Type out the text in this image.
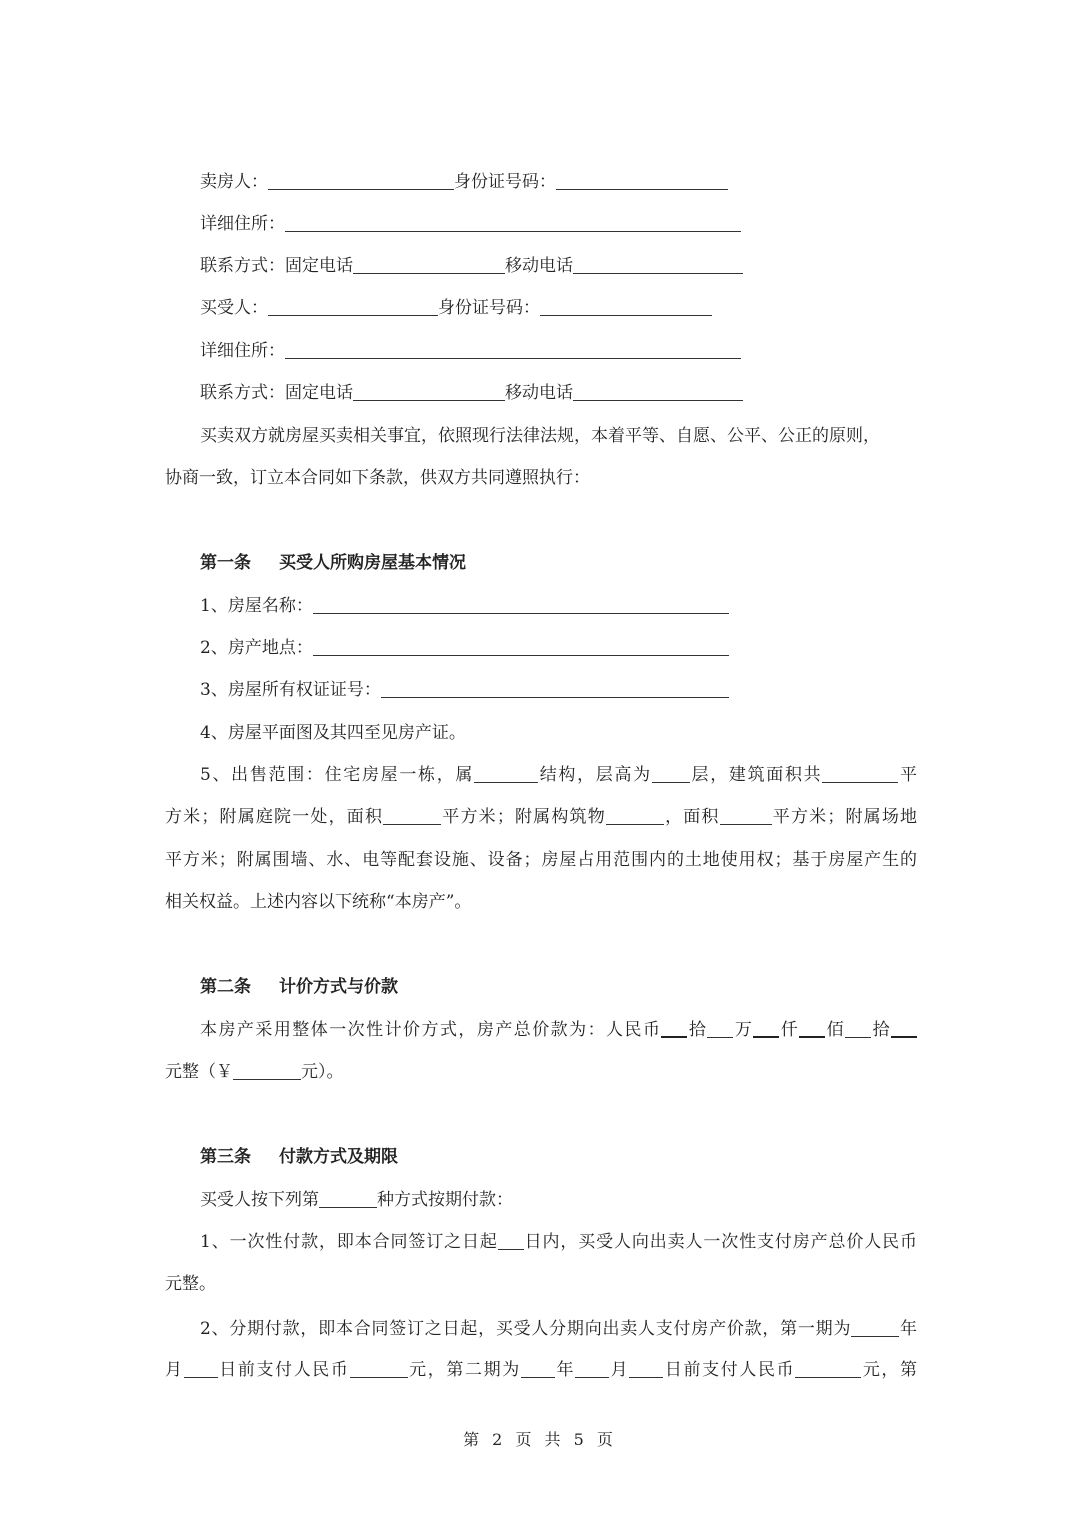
卖房人：	身份证号码：
详细住所：
联系方式：固定电话	移动电话
买受人：	身份证号码：
详细住所：
联系方式：固定电话	移动电话
买卖双方就房屋买卖相关事宜，依照现行法律法规，本着平等、自愿、公平、公正的原则，
协商一致，订立本合同如下条款，供双方共同遵照执行：
第一条 买受人所购房屋基本情况
1、房屋名称：
2、房产地点：
3、房屋所有权证证号：
4、房屋平面图及其四至见房产证。
5、出售范围：住宅房屋一栋，属	结构，层高为 层，建筑面积共	平
方米；附属庭院一处，面积	平方米；附属构筑物	，面积	平方米；附属场地
平方米；附属围墙、水、电等配套设施、设备；房屋占用范围内的土地使用权；基于房屋产生的
相关权益。上述内容以下统称“本房产”。
第二条 计价方式与价款
本房产采用整体一次性计价方式，房产总价款为：人民币 拾 万 仟 佰 拾
元整（￥	元）。
第三条 付款方式及期限
买受人按下列第	种方式按期付款：
1、一次性付款，即本合同签订之日起 日内，买受人向出卖人一次性支付房产总价人民币
元整。
2、分期付款，即本合同签订之日起，买受人分期向出卖人支付房产价款，第一期为	年
月 日前支付人民币	元，第二期为 年 月 日前支付人民币	元，第
第 2 页 共 5 页
